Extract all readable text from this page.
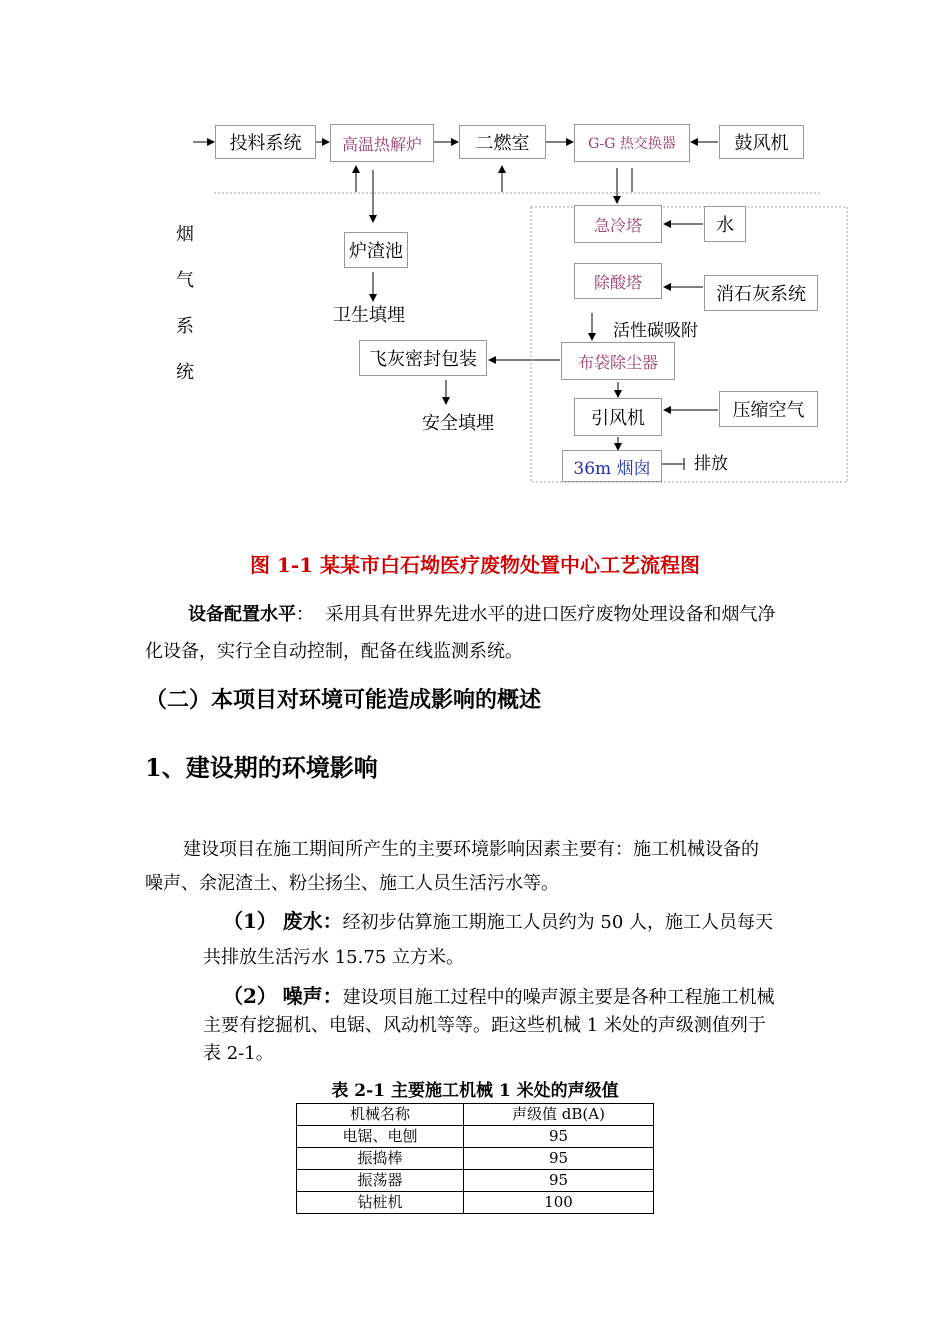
投料系统	高温热解炉	二燃室	G-G 热交换器	鼓风机
急冷塔	水
炉渣池
卫生填埋
除酸塔
消石灰系统
活性碳吸附
飞灰密封包装	布袋除尘器
安全填埋	引风机	压缩空气
36m 烟囱	排放
烟
气
系
统
图 1-1 某某市白石坳医疗废物处置中心工艺流程图
设备配置水平： 采用具有世界先进水平的进口医疗废物处理设备和烟气净
化设备，实行全自动控制，配备在线监测系统。
（二）本项目对环境可能造成影响的概述
1、建设期的环境影响
建设项目在施工期间所产生的主要环境影响因素主要有：施工机械设备的
噪声、余泥渣土、粉尘扬尘、施工人员生活污水等。
（1） 废水：经初步估算施工期施工人员约为 50 人，施工人员每天
共排放生活污水 15.75 立方米。
（2） 噪声：建设项目施工过程中的噪声源主要是各种工程施工机械
主要有挖掘机、电锯、风动机等等。距这些机械 1 米处的声级测值列于
表 2-1。
表 2-1 主要施工机械 1 米处的声级值
机械名称	声级值 dB(A)
电锯、电刨	95
振捣棒	95
振荡器	95
钻桩机	100
